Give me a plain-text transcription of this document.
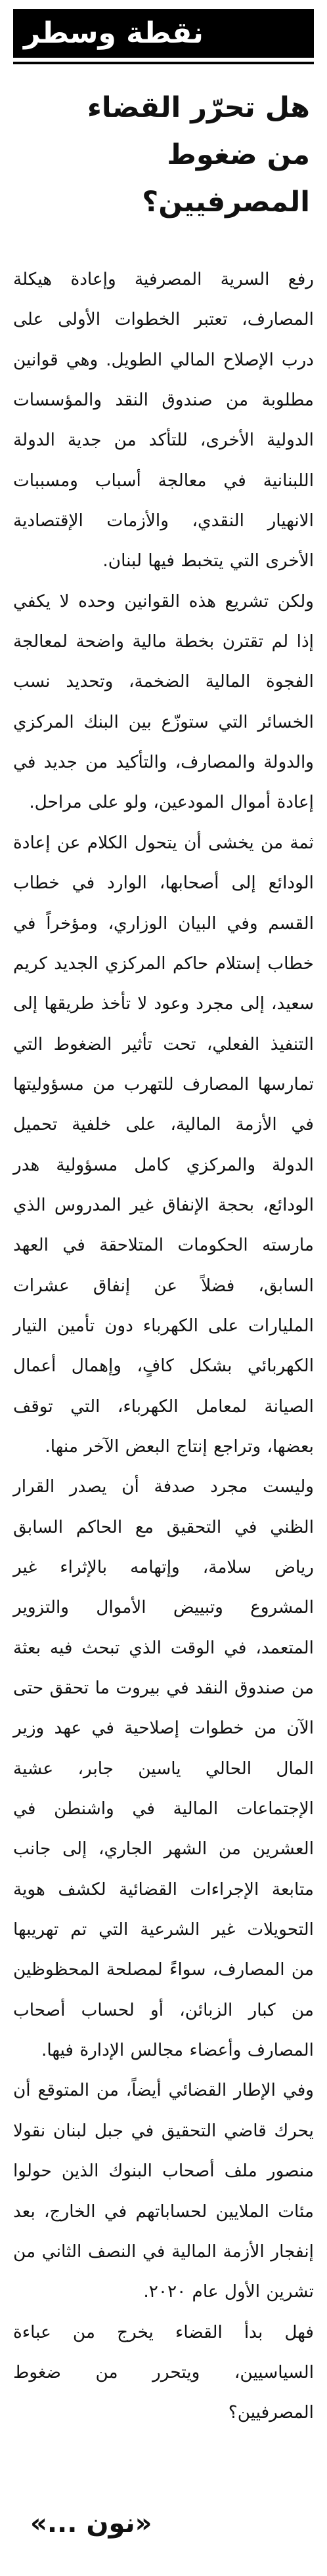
نقطة وسطر
هل تحرّر القضاء
من ضغوط المصرفيين؟

رفع السرية المصرفية وإعادة هيكلة المصارف، تعتبر الخطوات الأولى على درب الإصلاح المالي الطويل. وهي قوانين مطلوبة من صندوق النقد والمؤسسات الدولية الأخرى، للتأكد من جدية الدولة اللبنانية في معالجة أسباب ومسببات الانهيار النقدي، والأزمات الإقتصادية الأخرى التي يتخبط فيها لبنان.

ولكن تشريع هذه القوانين وحده لا يكفي إذا لم تقترن بخطة مالية واضحة لمعالجة الفجوة المالية الضخمة، وتحديد نسب الخسائر التي ستوزّع بين البنك المركزي والدولة والمصارف، والتأكيد من جديد في إعادة أموال المودعين، ولو على مراحل.

ثمة من يخشى أن يتحول الكلام عن إعادة الودائع إلى أصحابها، الوارد في خطاب القسم وفي البيان الوزاري، ومؤخراً في خطاب إستلام حاكم المركزي الجديد كريم سعيد، إلى مجرد وعود لا تأخذ طريقها إلى التنفيذ الفعلي، تحت تأثير الضغوط التي تمارسها المصارف للتهرب من مسؤوليتها في الأزمة المالية، على خلفية تحميل الدولة والمركزي كامل مسؤولية هدر الودائع، بحجة الإنفاق غير المدروس الذي مارسته الحكومات المتلاحقة في العهد السابق، فضلاً عن إنفاق عشرات المليارات على الكهرباء دون تأمين التيار الكهربائي بشكل كافٍ، وإهمال أعمال الصيانة لمعامل الكهرباء، التي توقف بعضها، وتراجع إنتاج البعض الآخر منها.

وليست مجرد صدفة أن يصدر القرار الظني في التحقيق مع الحاكم السابق رياض سلامة، وإتهامه بالإثراء غير المشروع وتبييض الأموال والتزوير المتعمد، في الوقت الذي تبحث فيه بعثة من صندوق النقد في بيروت ما تحقق حتى الآن من خطوات إصلاحية في عهد وزير المال الحالي ياسين جابر، عشية الإجتماعات المالية في واشنطن في العشرين من الشهر الجاري، إلى جانب متابعة الإجراءات القضائية لكشف هوية التحويلات غير الشرعية التي تم تهريبها من المصارف، سواءً لمصلحة المحظوظين من كبار الزبائن، أو لحساب أصحاب المصارف وأعضاء مجالس الإدارة فيها.

وفي الإطار القضائي أيضاً، من المتوقع أن يحرك قاضي التحقيق في جبل لبنان نقولا منصور ملف أصحاب البنوك الذين حولوا مئات الملايين لحساباتهم في الخارج، بعد إنفجار الأزمة المالية في النصف الثاني من تشرين الأول عام ٢٠٢٠.

فهل بدأ القضاء يخرج من عباءة السياسيين، ويتحرر من ضغوط المصرفيين؟

«نون ...»
